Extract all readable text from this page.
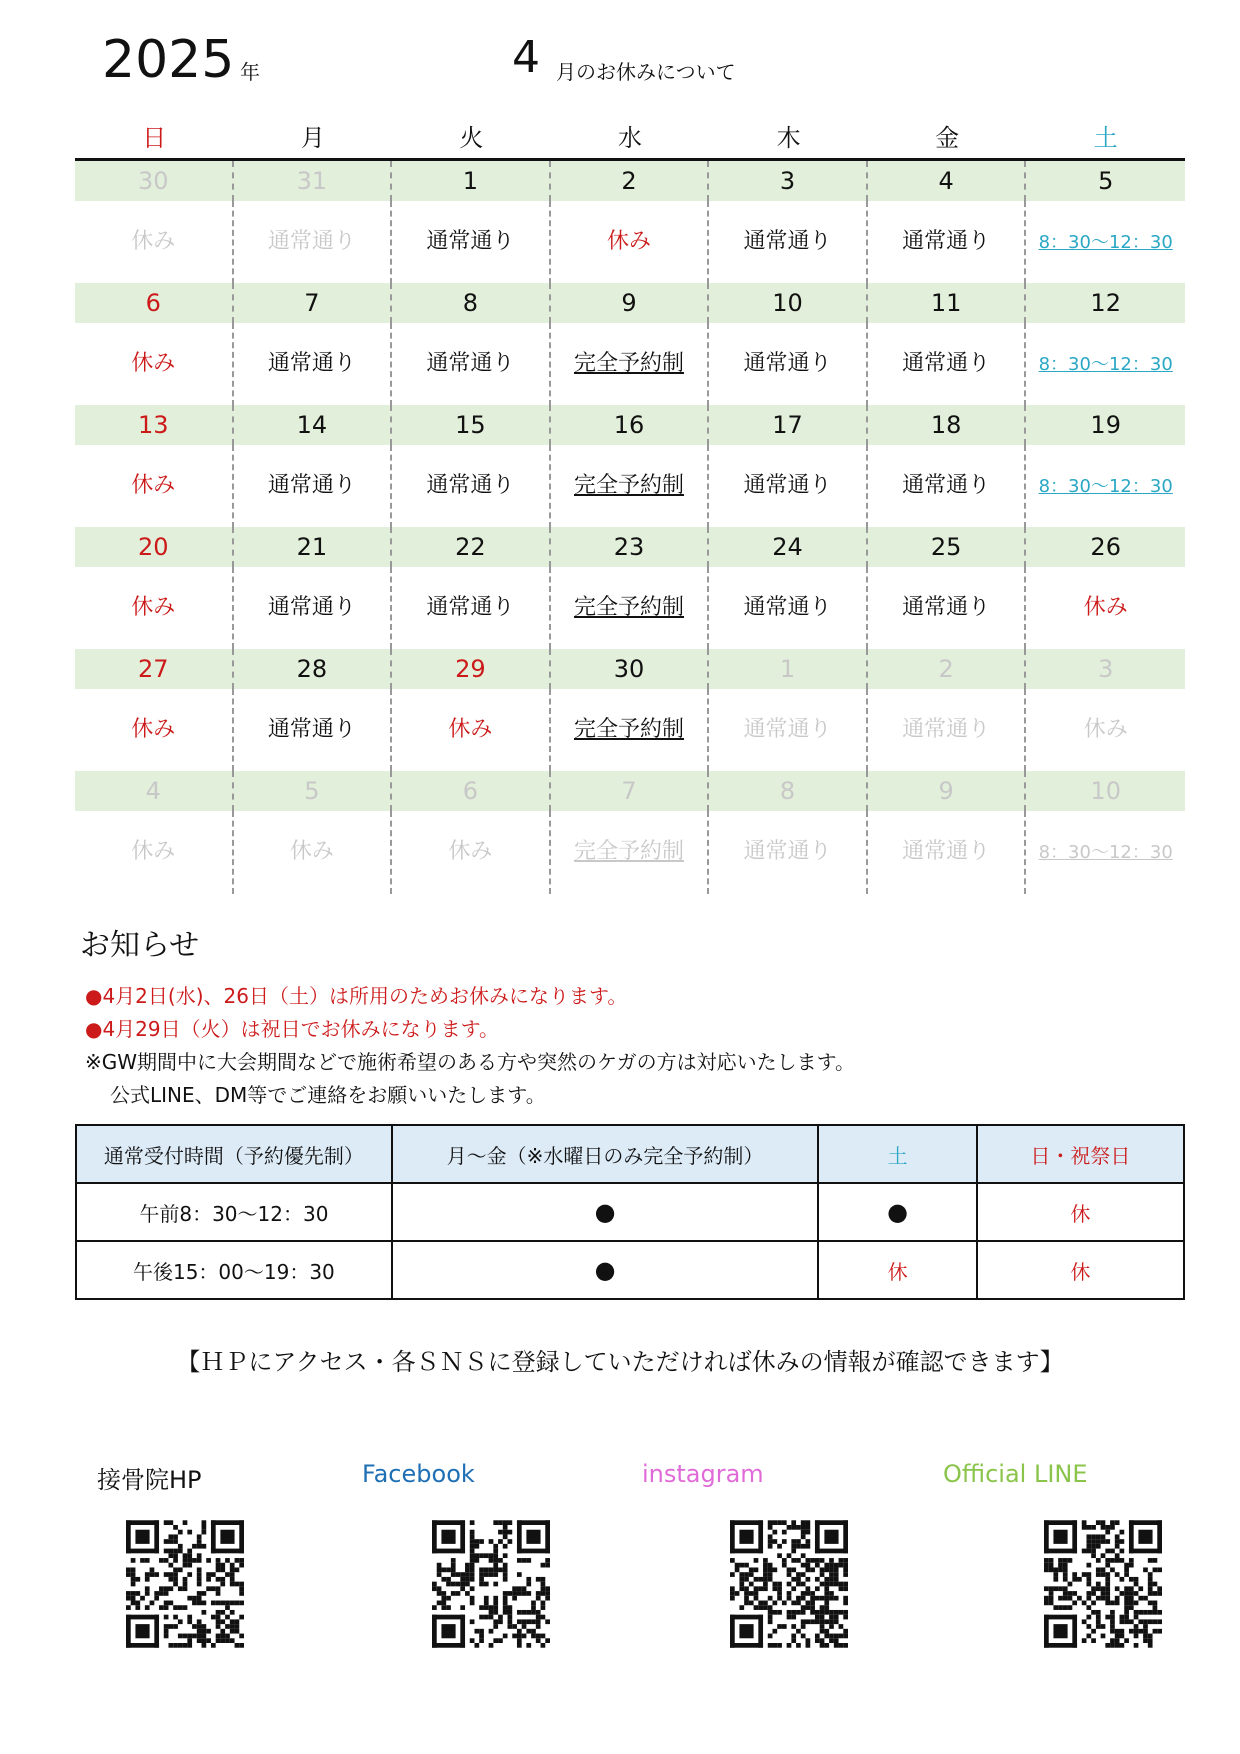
2025 年	4 月のお休みについて
日	月	火	水	木	金	土
30	31	1	2	3	4	5
休み	通常通り	通常通り	休み	通常通り	通常通り	8：30～12：30
6	7	8	9	10	11	12
休み	通常通り	通常通り	完全予約制	通常通り	通常通り	8：30～12：30
13	14	15	16	17	18	19
休み	通常通り	通常通り	完全予約制	通常通り	通常通り	8：30～12：30
20	21	22	23	24	25	26
休み	通常通り	通常通り	完全予約制	通常通り	通常通り	休み
27	28	29	30	1	2	3
休み	通常通り	休み	完全予約制	通常通り	通常通り	休み
4	5	6	7	8	9	10
休み	休み	休み	完全予約制	通常通り	通常通り	8：30～12：30
お知らせ
●4月2日(水)、26日（土）は所用のためお休みになります。
●4月29日（火）は祝日でお休みになります。
※GW期間中に大会期間などで施術希望のある方や突然のケガの方は対応いたします。
公式LINE、DM等でご連絡をお願いいたします。
通常受付時間（予約優先制）	月～金（※水曜日のみ完全予約制）	土	日・祝祭日
午前8：30～12：30	●	●	休
午後15：00～19：30	●	休	休
【ＨＰにアクセス・各ＳＮＳに登録していただければ休みの情報が確認できます】
接骨院HP	Facebook	instagram	Official LINE
